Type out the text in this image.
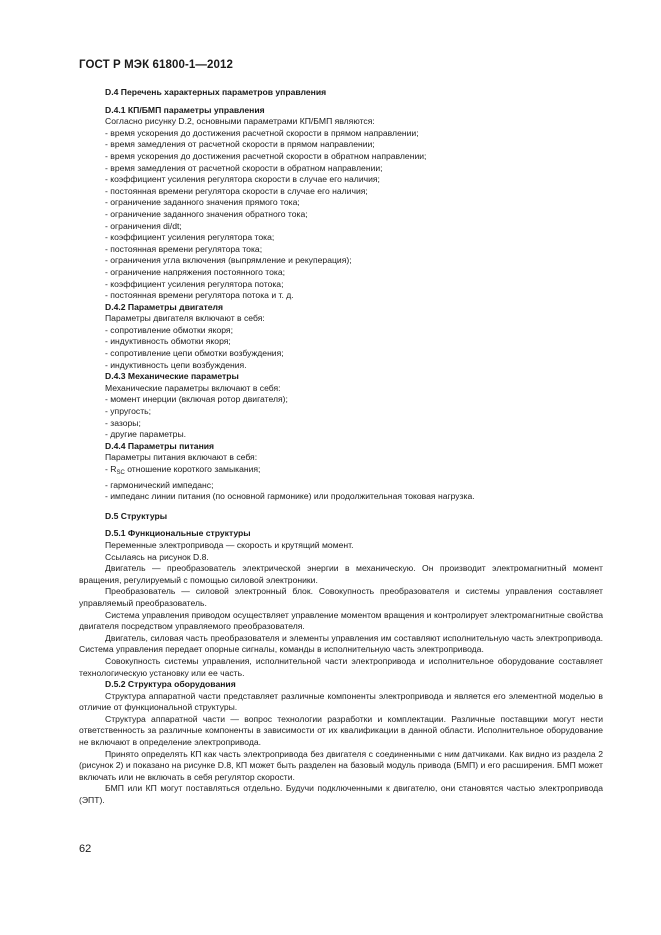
ГОСТ Р МЭК 61800-1—2012

D.4 Перечень характерных параметров управления

D.4.1 КП/БМП параметры управления

Согласно рисунку D.2, основными параметрами КП/БМП являются:

- время ускорения до достижения расчетной скорости в прямом направлении;

- время замедления от расчетной скорости в прямом направлении;

- время ускорения до достижения расчетной скорости в обратном направлении;

- время замедления от расчетной скорости в обратном направлении;

- коэффициент усиления регулятора скорости в случае его наличия;

- постоянная времени регулятора скорости в случае его наличия;

- ограничение заданного значения прямого тока;

- ограничение заданного значения обратного тока;

- ограничения di/dt;

- коэффициент усиления регулятора тока;

- постоянная времени регулятора тока;

- ограничения угла включения (выпрямление и рекуперация);

- ограничение напряжения постоянного тока;

- коэффициент усиления регулятора потока;

- постоянная времени регулятора потока и т. д.

D.4.2 Параметры двигателя

Параметры двигателя включают в себя:

- сопротивление обмотки якоря;

- индуктивность обмотки якоря;

- сопротивление цепи обмотки возбуждения;

- индуктивность цепи возбуждения.

D.4.3 Механические параметры

Механические параметры включают в себя:

- момент инерции (включая ротор двигателя);

- упругость;

- зазоры;

- другие параметры.

D.4.4 Параметры питания

Параметры питания включают в себя:

- $R_{SC}$ отношение короткого замыкания;

- гармонический импеданс;

- импеданс линии питания (по основной гармонике) или продолжительная токовая нагрузка.

D.5 Структуры

D.5.1 Функциональные структуры

Переменные электропривода — скорость и крутящий момент.

Ссылаясь на рисунок D.8.

Двигатель — преобразователь электрической энергии в механическую. Он производит электромагнитный момент вращения, регулируемый с помощью силовой электроники.

Преобразователь — силовой электронный блок. Совокупность преобразователя и системы управления составляет управляемый преобразователь.

Система управления приводом осуществляет управление моментом вращения и контролирует электромагнитные свойства двигателя посредством управляемого преобразователя.

Двигатель, силовая часть преобразователя и элементы управления им составляют исполнительную часть электропривода. Система управления передает опорные сигналы, команды в исполнительную часть электропривода.

Совокупность системы управления, исполнительной части электропривода и исполнительное оборудование составляет технологическую установку или ее часть.

D.5.2 Структура оборудования

Структура аппаратной части представляет различные компоненты электропривода и является его элементной моделью в отличие от функциональной структуры.

Структура аппаратной части — вопрос технологии разработки и комплектации. Различные поставщики могут нести ответственность за различные компоненты в зависимости от их квалификации в данной области. Исполнительное оборудование не включают в определение электропривода.

Принято определять КП как часть электропривода без двигателя с соединенными с ним датчиками. Как видно из раздела 2 (рисунок 2) и показано на рисунке D.8, КП может быть разделен на базовый модуль привода (БМП) и его расширения. БМП может включать или не включать в себя регулятор скорости.

БМП или КП могут поставляться отдельно. Будучи подключенными к двигателю, они становятся частью электропривода (ЭПТ).

62
